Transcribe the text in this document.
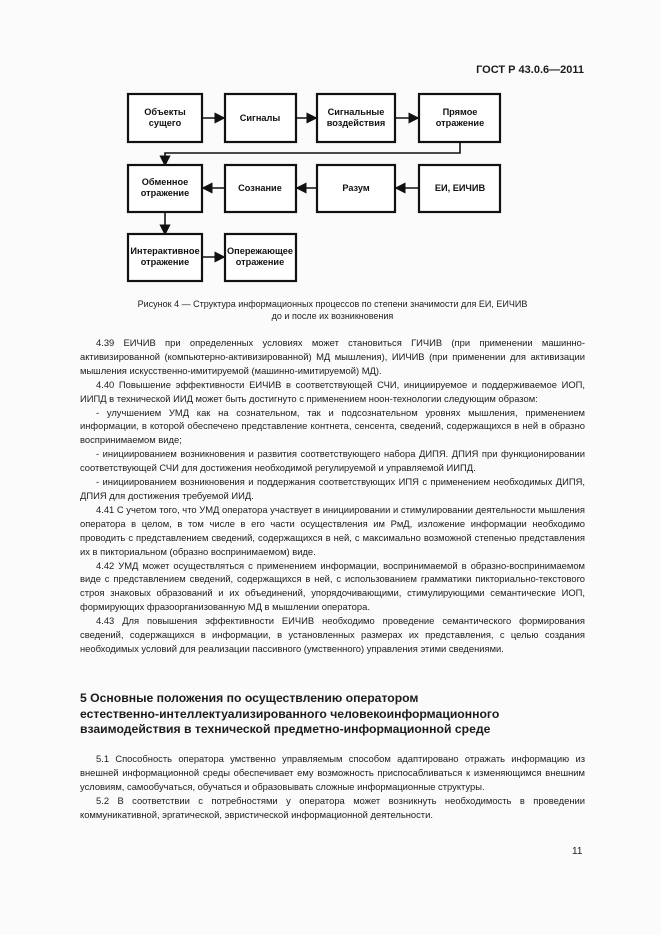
ГОСТ Р 43.0.6—2011
Объекты сущего	Сигналы
Сигнальные воздействия
Прямое отражение
Обменное отражение	Сознание	Разум	ЕИ, ЕИЧИВ
Интерактивное отражение
Опережающее отражение
Рисунок 4 — Структура информационных процессов по степени значимости для ЕИ, ЕИЧИВ
до и после их возникновения

4.39 ЕИЧИВ при определенных условиях может становиться ГИЧИВ (при применении машинно-активизированной (компьютерно-активизированной) МД мышления), ИИЧИВ (при применении для активизации мышления искусственно-имитируемой (машинно-имитируемой) МД).

4.40 Повышение эффективности ЕИЧИВ в соответствующей СЧИ, инициируемое и поддерживаемое ИОП, ИИПД в технической ИИД может быть достигнуто с применением ноон-технологии следующим образом:

- улучшением УМД как на сознательном, так и подсознательном уровнях мышления, применением информации, в которой обеспечено представление контнета, сенсента, сведений, содержащихся в ней в образно воспринимаемом виде;

- инициированием возникновения и развития соответствующего набора ДИПЯ. ДПИЯ при функционировании соответствующей СЧИ для достижения необходимой регулируемой и управляемой ИИПД.

- инициированием возникновения и поддержания соответствующих ИПЯ с применением необходимых ДИПЯ, ДПИЯ для достижения требуемой ИИД.

4.41 С учетом того, что УМД оператора участвует в инициировании и стимулировании деятельности мышления оператора в целом, в том числе в его части осуществления им РмД, изложение информации необходимо проводить с представлением сведений, содержащихся в ней, с максимально возможной степенью представления их в пикториальном (образно воспринимаемом) виде.

4.42 УМД может осуществляться с применением информации, воспринимаемой в образно-воспринимаемом виде с представлением сведений, содержащихся в ней, с использованием грамматики пикториально-текстового строя знаковых образований и их объединений, упорядочивающими, стимулирующими семантические ИОП, формирующих фразоорганизованную МД в мышлении оператора.

4.43 Для повышения эффективности ЕИЧИВ необходимо проведение семантического формирования сведений, содержащихся в информации, в установленных размерах их представления, с целью создания необходимых условий для реализации пассивного (умственного) управления этими сведениями.

5 Основные положения по осуществлению оператором
естественно-интеллектуализированного человекоинформационного
взаимодействия в технической предметно-информационной среде

5.1 Способность оператора умственно управляемым способом адаптировано отражать информацию из внешней информационной среды обеспечивает ему возможность приспосабливаться к изменяющимся внешним условиям, самообучаться, обучаться и образовывать сложные информационные структуры.

5.2 В соответствии с потребностями у оператора может возникнуть необходимость в проведении коммуникативной, эргатической, эвристической информационной деятельности.

11
